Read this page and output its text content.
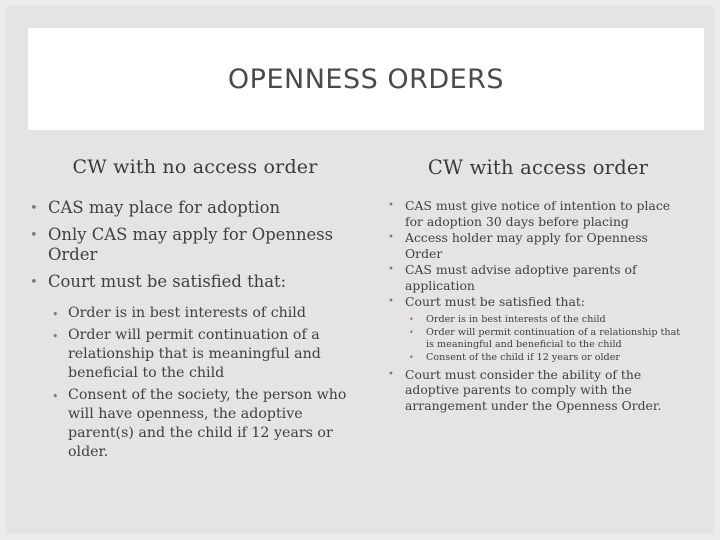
OPENNESS ORDERS
CW with no access order
• CAS may place for adoption
• Only CAS may apply for Openness Order
• Court must be satisfied that:
• Order is in best interests of child
• Order will permit continuation of a relationship that is meaningful and beneficial to the child
• Consent of the society, the person who will have openness, the adoptive parent(s) and the child if 12 years or older.
CW with access order
• CAS must give notice of intention to place for adoption 30 days before placing
• Access holder may apply for Openness Order
• CAS must advise adoptive parents of application
• Court must be satisfied that:
• Order is in best interests of the child
• Order will permit continuation of a relationship that is meaningful and beneficial to the child
• Consent of the child if 12 years or older
• Court must consider the ability of the adoptive parents to comply with the arrangement under the Openness Order.
